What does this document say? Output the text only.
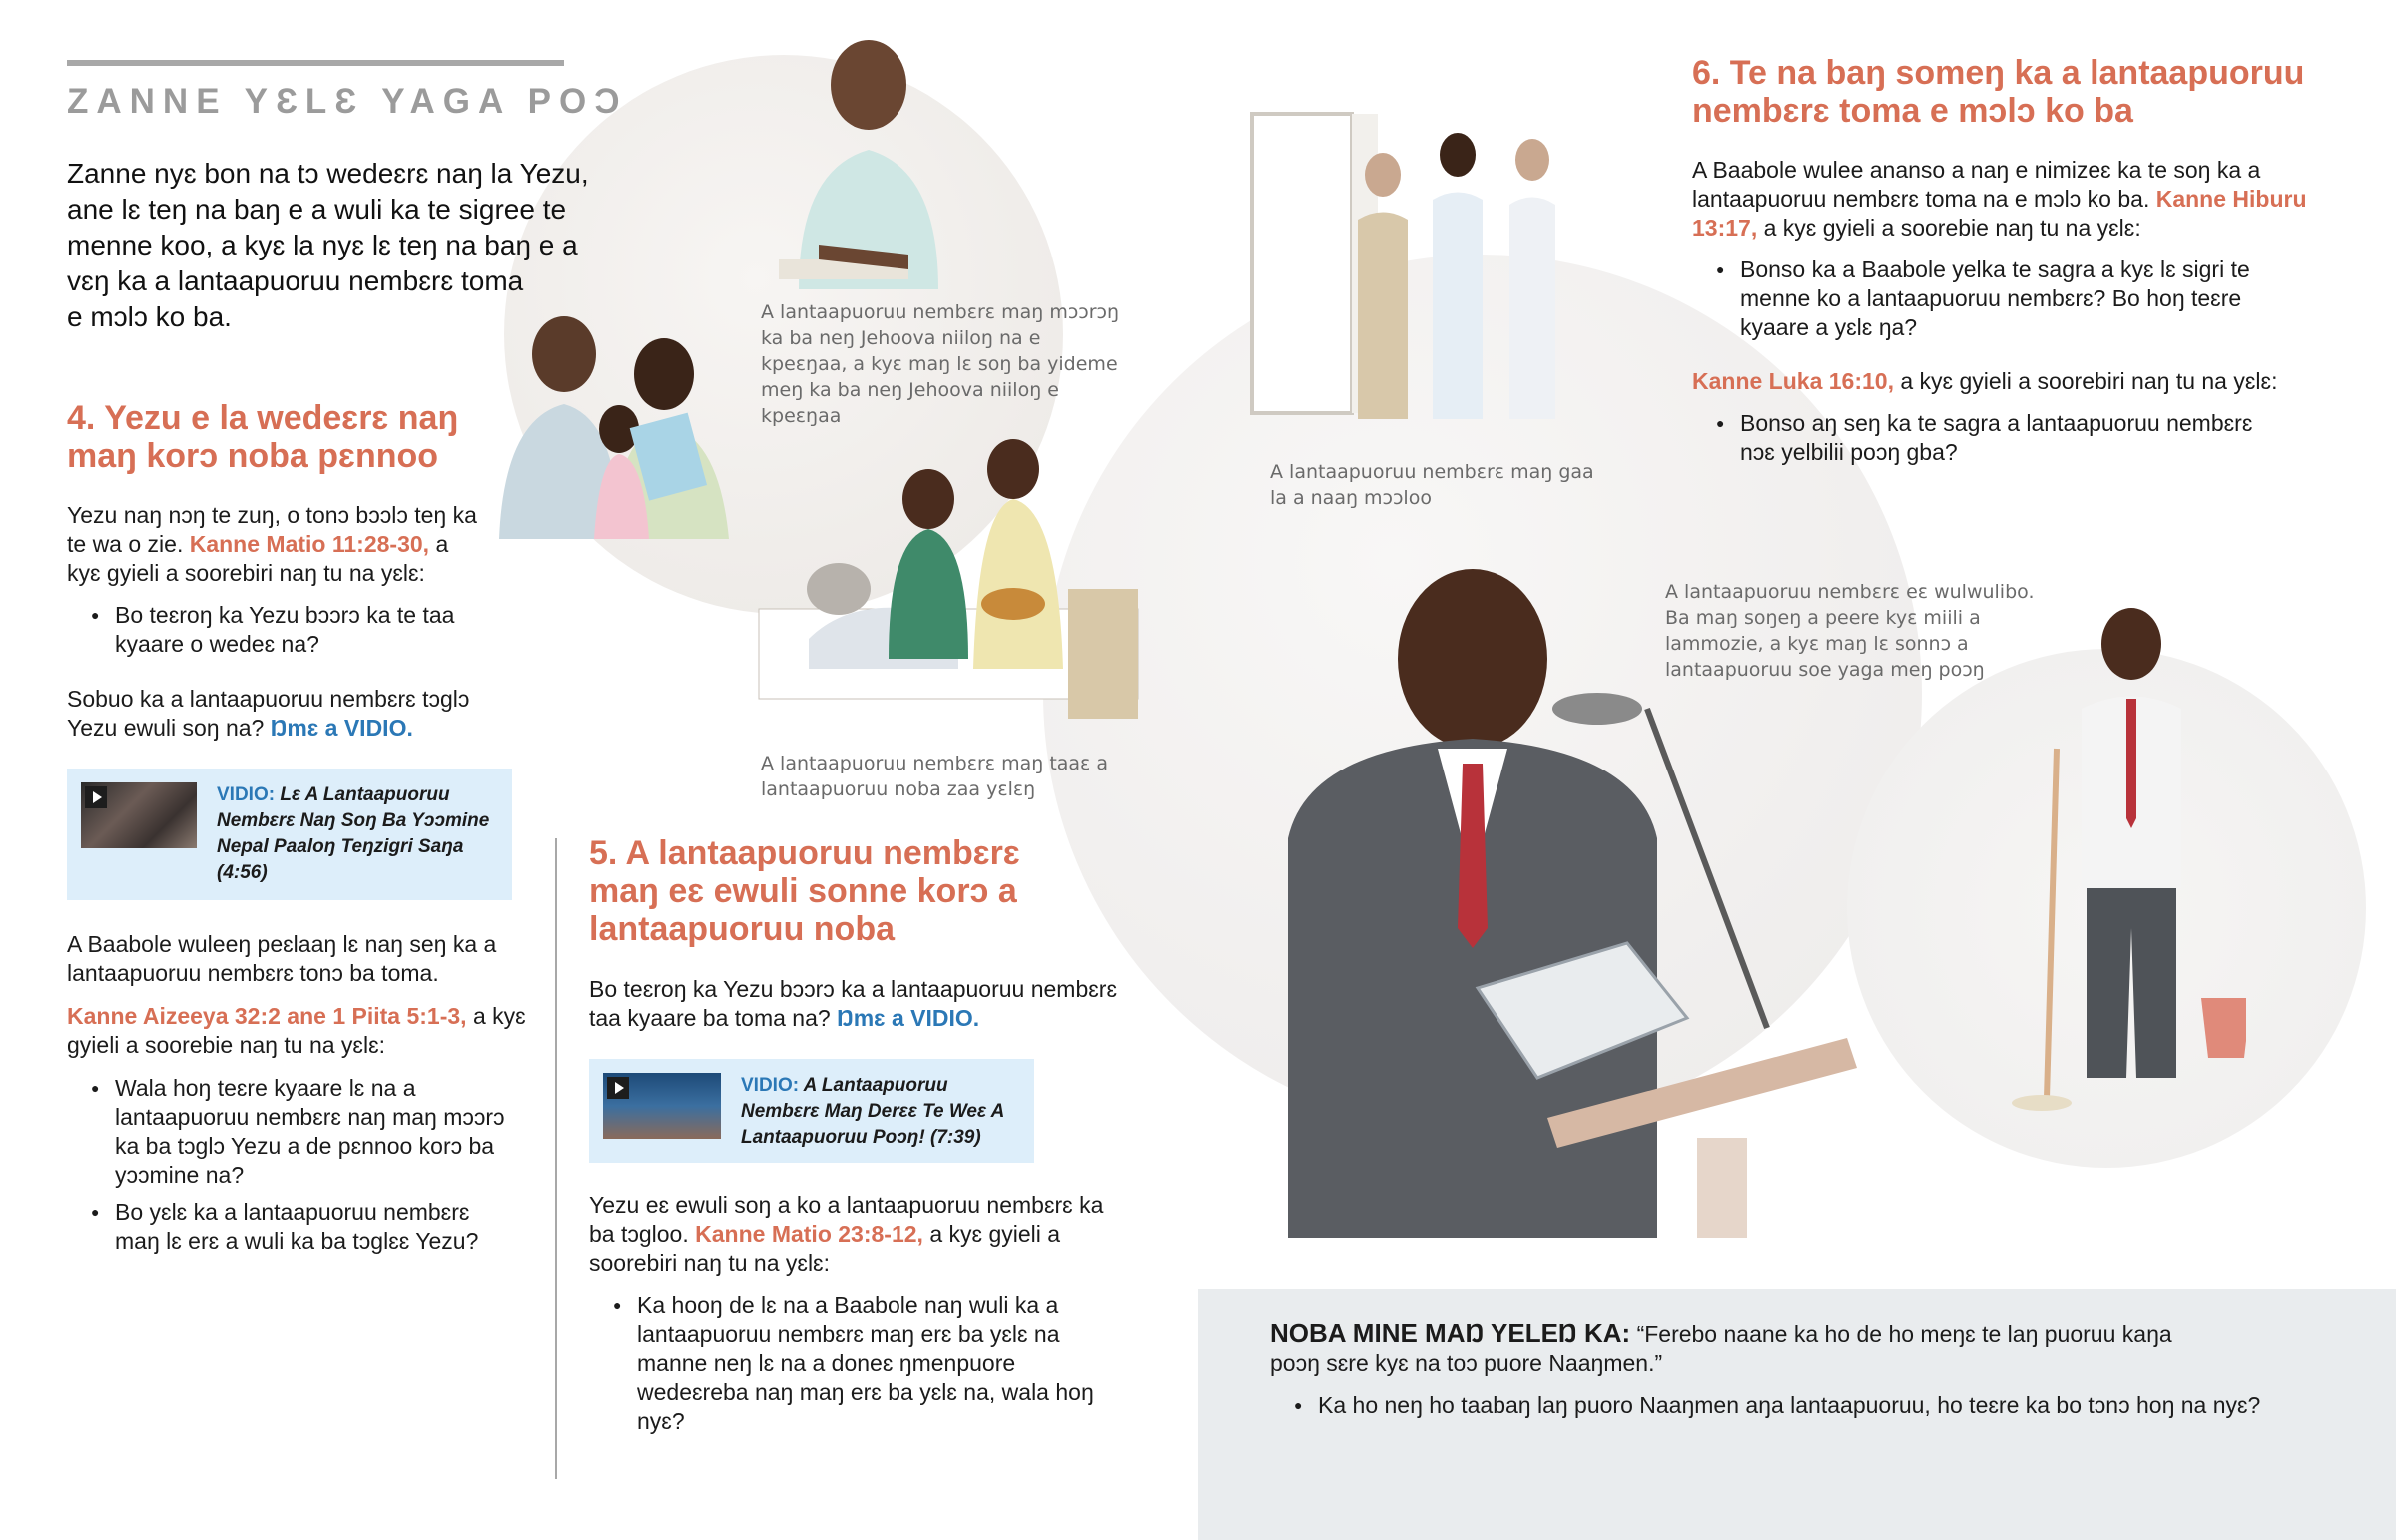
ZANNE YƐLƐ YAGA POƆ
Zanne nyɛ bon na tɔ wedeɛrɛ naŋ la Yezu,
ane lɛ teŋ na baŋ e a wuli ka te sigree te
menne koo, a kyɛ la nyɛ lɛ teŋ na baŋ e a
vɛŋ ka a lantaapuoruu nembɛrɛ toma
e mɔlɔ ko ba.
4. Yezu e la wedeɛrɛ naŋ
maŋ korɔ noba pɛnnoo
Yezu naŋ nɔŋ te zuŋ, o tonɔ bɔɔlɔ teŋ ka te wa o zie. Kanne Matio 11:28-30, a kyɛ gyieli a soorebiri naŋ tu na yɛlɛ:
● Bo teɛroŋ ka Yezu bɔɔrɔ ka te taa kyaare o wedeɛ na?
Sobuo ka a lantaapuoruu nembɛrɛ tɔglɔ Yezu ewuli soŋ na? Ŋmɛ a VIDIO.
VIDIO: Lɛ A Lantaapuoruu Nembɛrɛ Naŋ Soŋ Ba Yɔɔmine Nepal Paaloŋ Teŋzigri Saŋa (4:56)
A Baabole wuleeŋ peɛlaaŋ lɛ naŋ seŋ ka a lantaapuoruu nembɛrɛ tonɔ ba toma.
Kanne Aizeeya 32:2 ane 1 Piita 5:1-3, a kyɛ gyieli a soorebie naŋ tu na yɛlɛ:
● Wala hoŋ teɛre kyaare lɛ na a lantaapuoruu nembɛrɛ naŋ maŋ mɔɔrɔ ka ba tɔglɔ Yezu a de pɛnnoo korɔ ba yɔɔmine na?
● Bo yɛlɛ ka a lantaapuoruu nembɛrɛ maŋ lɛ erɛ a wuli ka ba tɔglɛɛ Yezu?
A lantaapuoruu nembɛrɛ maŋ mɔɔrɔŋ ka ba neŋ Jehoova niiloŋ na e kpeɛŋaa, a kyɛ maŋ lɛ soŋ ba yideme meŋ ka ba neŋ Jehoova niiloŋ e kpeɛŋaa
A lantaapuoruu nembɛrɛ maŋ taaɛ a lantaapuoruu noba zaa yɛlɛŋ
5. A lantaapuoruu nembɛrɛ
maŋ eɛ ewuli sonne korɔ a
lantaapuoruu noba
Bo teɛroŋ ka Yezu bɔɔrɔ ka a lantaapuoruu nembɛrɛ taa kyaare ba toma na? Ŋmɛ a VIDIO.
VIDIO: A Lantaapuoruu Nembɛrɛ Maŋ Derɛɛ Te Weɛ A Lantaapuoruu Poɔŋ! (7:39)
Yezu eɛ ewuli soŋ a ko a lantaapuoruu nembɛrɛ ka ba tɔgloo. Kanne Matio 23:8-12, a kyɛ gyieli a soorebiri naŋ tu na yɛlɛ:
● Ka hooŋ de lɛ na a Baabole naŋ wuli ka a lantaapuoruu nembɛrɛ maŋ erɛ ba yɛlɛ na manne neŋ lɛ na a doneɛ ŋmenpuore wedeɛreba naŋ maŋ erɛ ba yɛlɛ na, wala hoŋ nyɛ?
A lantaapuoruu nembɛrɛ maŋ gaa la a naaŋ mɔɔloo
6. Te na baŋ someŋ ka a lantaapuoruu
nembɛrɛ toma e mɔlɔ ko ba
A Baabole wulee ananso a naŋ e nimizeɛ ka te soŋ ka a lantaapuoruu nembɛrɛ toma na e mɔlɔ ko ba. Kanne Hiburu 13:17, a kyɛ gyieli a soorebie naŋ tu na yɛlɛ:
● Bonso ka a Baabole yelka te sagra a kyɛ lɛ sigri te menne ko a lantaapuoruu nembɛrɛ? Bo hoŋ teɛre kyaare a yɛlɛ ŋa?
Kanne Luka 16:10, a kyɛ gyieli a soorebiri naŋ tu na yɛlɛ:
● Bonso aŋ seŋ ka te sagra a lantaapuoruu nembɛrɛ nɔɛ yelbilii poɔŋ gba?
A lantaapuoruu nembɛrɛ eɛ wulwulibo. Ba maŋ soŋeŋ a peere kyɛ miili a lammozie, a kyɛ maŋ lɛ sonnɔ a lantaapuoruu soe yaga meŋ poɔŋ
NOBA MINE MAŊ YELEŊ KA: “Ferebo naane ka ho de ho meŋɛ te laŋ puoruu kaŋa poɔŋ sɛre kyɛ na toɔ puore Naaŋmen.”
● Ka ho neŋ ho taabaŋ laŋ puoro Naaŋmen aŋa lantaapuoruu, ho teɛre ka bo tɔnɔ hoŋ na nyɛ?
